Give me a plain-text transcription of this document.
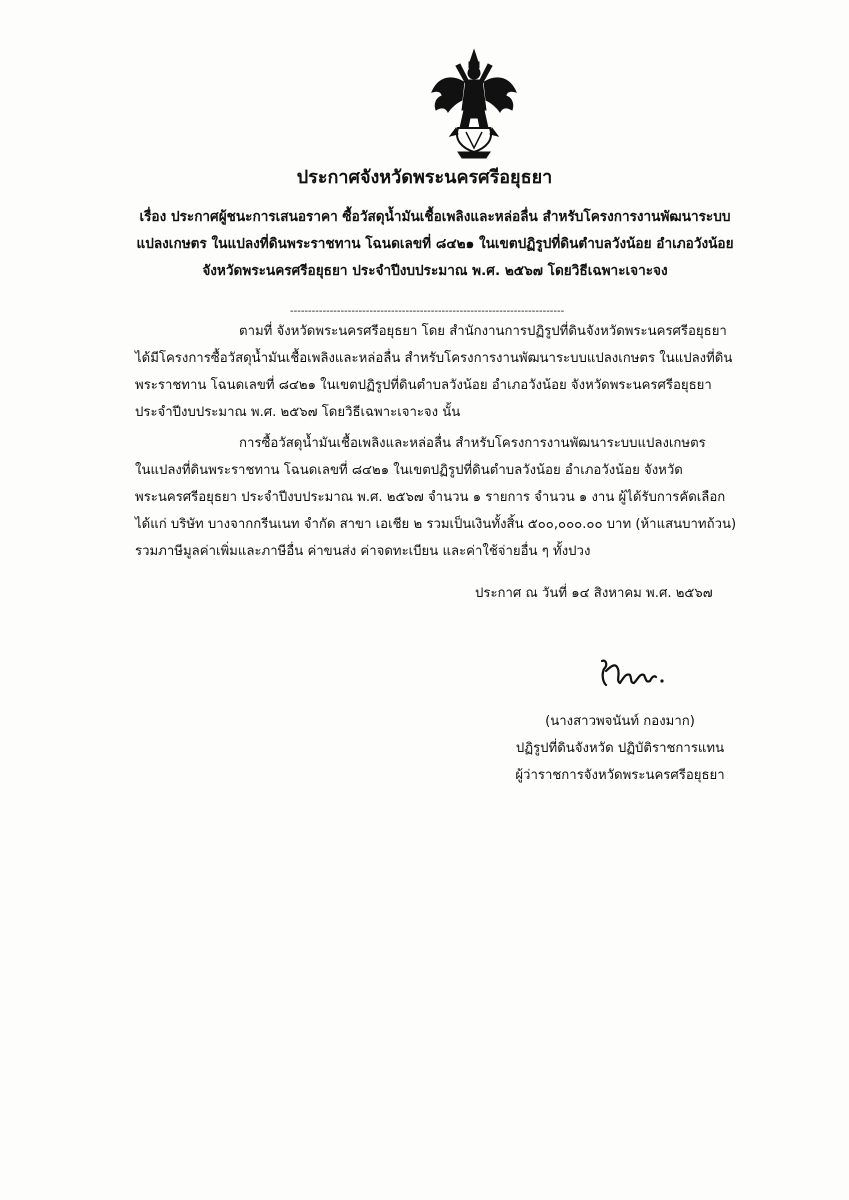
ประกาศจังหวัดพระนครศรีอยุธยา
เรื่อง ประกาศผู้ชนะการเสนอราคา ซื้อวัสดุน้ำมันเชื้อเพลิงและหล่อลื่น สำหรับโครงการงานพัฒนาระบบ
แปลงเกษตร ในแปลงที่ดินพระราชทาน โฉนดเลขที่ ๘๔๒๑ ในเขตปฏิรูปที่ดินตำบลวังน้อย อำเภอวังน้อย
จังหวัดพระนครศรีอยุธยา ประจำปีงบประมาณ พ.ศ. ๒๕๖๗ โดยวิธีเฉพาะเจาะจง
----------------------------------------------------------------------------
ตามที่ จังหวัดพระนครศรีอยุธยา โดย สำนักงานการปฏิรูปที่ดินจังหวัดพระนครศรีอยุธยา
ได้มีโครงการซื้อวัสดุน้ำมันเชื้อเพลิงและหล่อลื่น สำหรับโครงการงานพัฒนาระบบแปลงเกษตร ในแปลงที่ดิน
พระราชทาน โฉนดเลขที่ ๘๔๒๑ ในเขตปฏิรูปที่ดินตำบลวังน้อย อำเภอวังน้อย จังหวัดพระนครศรีอยุธยา
ประจำปีงบประมาณ พ.ศ. ๒๕๖๗ โดยวิธีเฉพาะเจาะจง นั้น
การซื้อวัสดุน้ำมันเชื้อเพลิงและหล่อลื่น สำหรับโครงการงานพัฒนาระบบแปลงเกษตร
ในแปลงที่ดินพระราชทาน โฉนดเลขที่ ๘๔๒๑ ในเขตปฏิรูปที่ดินตำบลวังน้อย อำเภอวังน้อย จังหวัด
พระนครศรีอยุธยา ประจำปีงบประมาณ พ.ศ. ๒๕๖๗ จำนวน ๑ รายการ จำนวน ๑ งาน ผู้ได้รับการคัดเลือก
ได้แก่ บริษัท บางจากกรีนเนท จำกัด สาขา เอเชีย ๒ รวมเป็นเงินทั้งสิ้น ๕๐๐,๐๐๐.๐๐ บาท (ห้าแสนบาทถ้วน)
รวมภาษีมูลค่าเพิ่มและภาษีอื่น ค่าขนส่ง ค่าจดทะเบียน และค่าใช้จ่ายอื่น ๆ ทั้งปวง
ประกาศ ณ วันที่ ๑๔ สิงหาคม พ.ศ. ๒๕๖๗
(นางสาวพจนันท์ กองมาก)
ปฏิรูปที่ดินจังหวัด ปฏิบัติราชการแทน
ผู้ว่าราชการจังหวัดพระนครศรีอยุธยา
